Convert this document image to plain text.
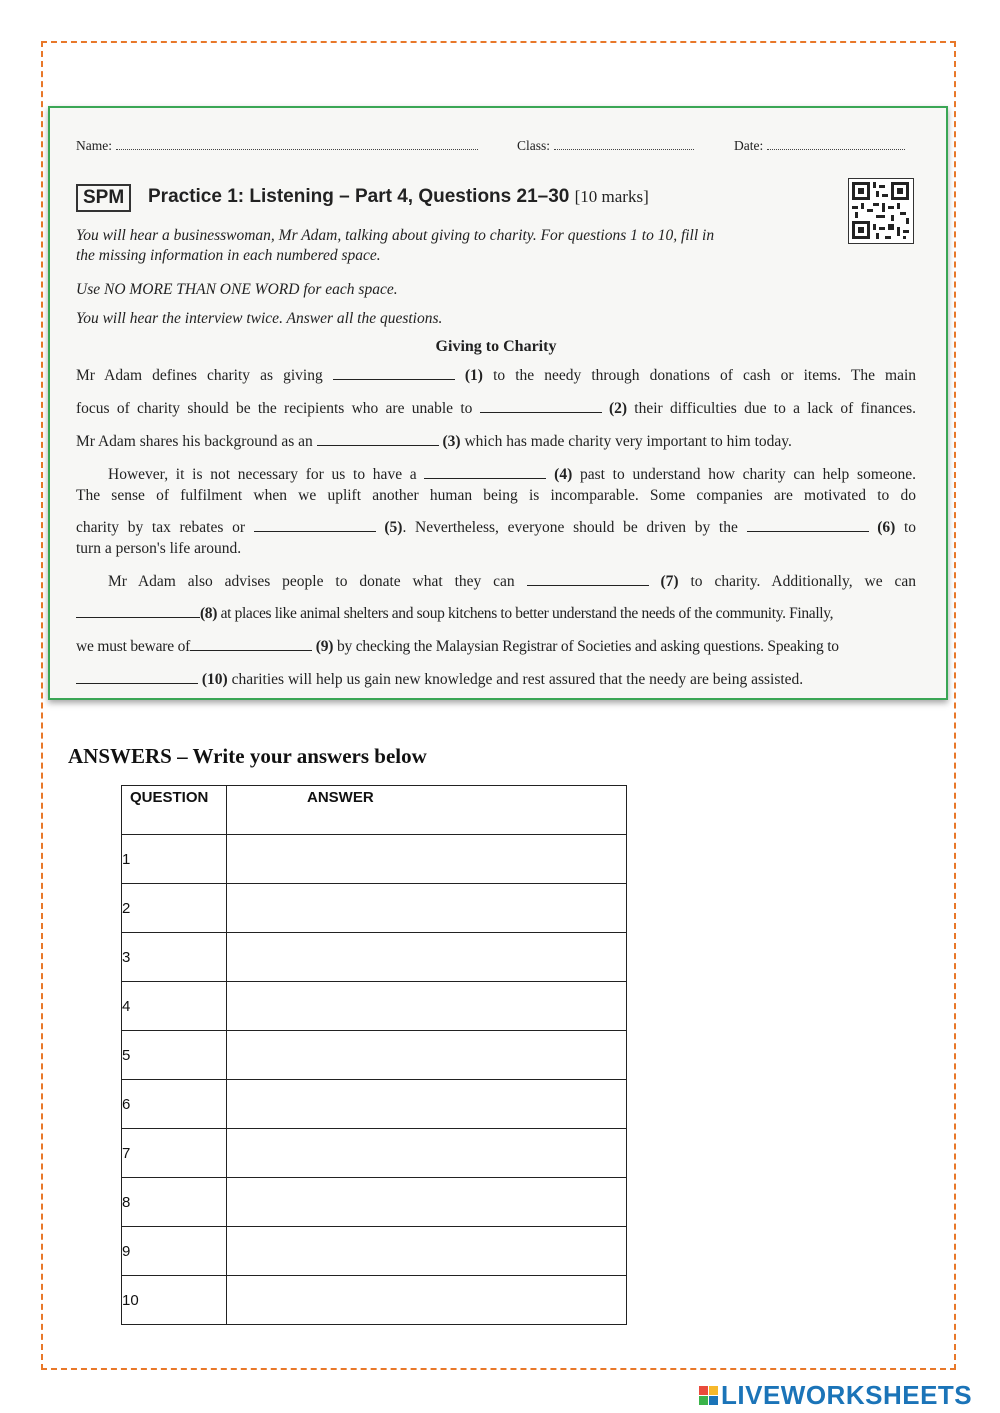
Name:	Class:	Date:
SPM	Practice 1: Listening – Part 4, Questions 21–30 [10 marks]
You will hear a businesswoman, Mr Adam, talking about giving to charity. For questions 1 to 10, fill in
the missing information in each numbered space.
Use NO MORE THAN ONE WORD for each space.
You will hear the interview twice. Answer all the questions.
Giving to Charity
Mr Adam defines charity as giving	(1) to the needy through donations of cash or items. The main
focus of charity should be the recipients who are unable to	(2) their difficulties due to a lack of finances.
Mr Adam shares his background as an	(3) which has made charity very important to him today.
However, it is not necessary for us to have a	(4) past to understand how charity can help someone.
The sense of fulfilment when we uplift another human being is incomparable. Some companies are motivated to do
charity by tax rebates or	(5). Nevertheless, everyone should be driven by the	(6) to
turn a person's life around.
Mr Adam also advises people to donate what they can	(7) to charity. Additionally, we can
(8) at places like animal shelters and soup kitchens to better understand the needs of the community. Finally,
we must beware of	(9) by checking the Malaysian Registrar of Societies and asking questions. Speaking to
(10) charities will help us gain new knowledge and rest assured that the needy are being assisted.
ANSWERS – Write your answers below
QUESTION	ANSWER

1	
2	
3	
4	
5	
6	
7	
8	
9	
10	
LIVEWORKSHEETS
